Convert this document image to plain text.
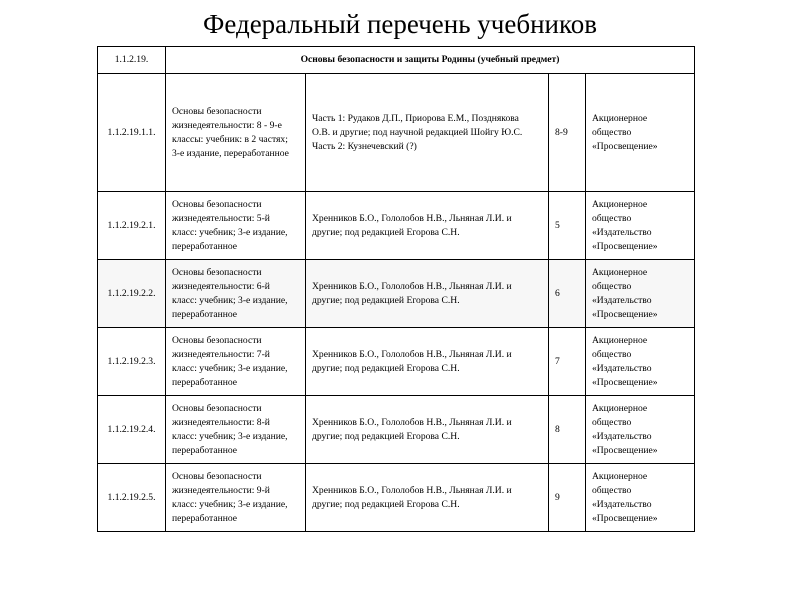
Федеральный перечень учебников
1.1.2.19.	Основы безопасности и защиты Родины (учебный предмет)			
1.1.2.19.1.1.	Основы безопасности
жизнедеятельности: 8 - 9-е
классы: учебник: в 2 частях;
3-е издание, переработанное	Часть 1: Рудаков Д.П., Приорова Е.М., Позднякова
О.В. и другие; под научной редакцией Шойгу Ю.С.
Часть 2: Кузнечевский (?)	8-9	Акционерное
общество
«Просвещение»

1.1.2.19.2.1.	Основы безопасности
жизнедеятельности: 5-й
класс: учебник; 3-е издание,
переработанное	Хренников Б.О., Гололобов Н.В., Льняная Л.И. и
другие; под редакцией Егорова С.Н.	5	Акционерное
общество
«Издательство
«Просвещение»

1.1.2.19.2.2.	Основы безопасности
жизнедеятельности: 6-й
класс: учебник; 3-е издание,
переработанное	Хренников Б.О., Гололобов Н.В., Льняная Л.И. и
другие; под редакцией Егорова С.Н.	6	Акционерное
общество
«Издательство
«Просвещение»

1.1.2.19.2.3.	Основы безопасности
жизнедеятельности: 7-й
класс: учебник; 3-е издание,
переработанное	Хренников Б.О., Гололобов Н.В., Льняная Л.И. и
другие; под редакцией Егорова С.Н.	7	Акционерное
общество
«Издательство
«Просвещение»

1.1.2.19.2.4.	Основы безопасности
жизнедеятельности: 8-й
класс: учебник; 3-е издание,
переработанное	Хренников Б.О., Гололобов Н.В., Льняная Л.И. и
другие; под редакцией Егорова С.Н.	8	Акционерное
общество
«Издательство
«Просвещение»

1.1.2.19.2.5.	Основы безопасности
жизнедеятельности: 9-й
класс: учебник; 3-е издание,
переработанное	Хренников Б.О., Гололобов Н.В., Льняная Л.И. и
другие; под редакцией Егорова С.Н.	9	Акционерное
общество
«Издательство
«Просвещение»
